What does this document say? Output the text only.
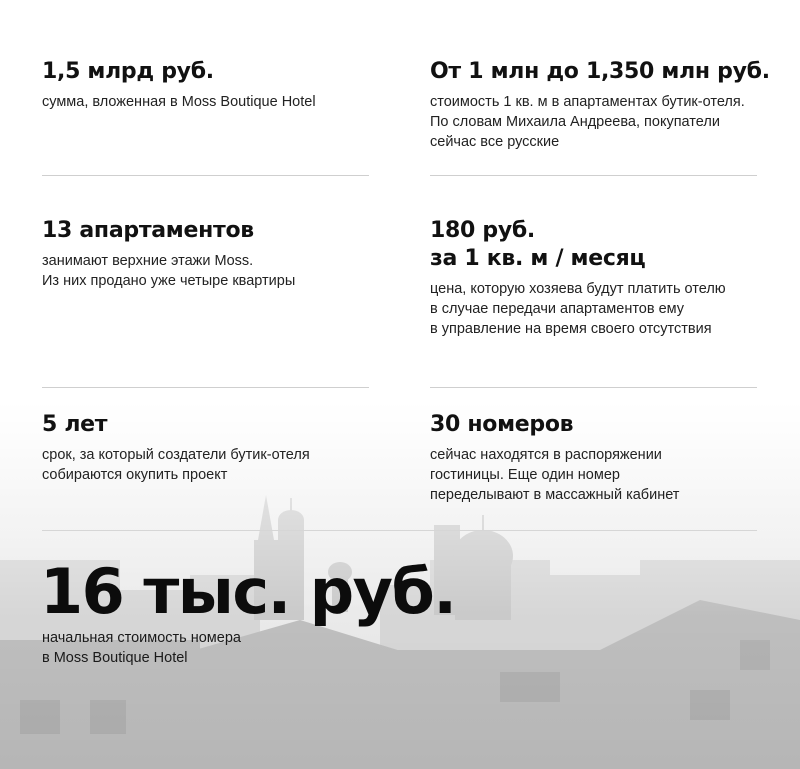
1,5 млрд руб.
сумма, вложенная в Moss Boutique Hotel
От 1 млн до 1,350 млн руб.
стоимость 1 кв. м в апартаментах бутик-отеля.
По словам Михаила Андреева, покупатели
сейчас все русские
13 апартаментов
занимают верхние этажи Moss.
Из них продано уже четыре квартиры
180 руб.
за 1 кв. м / месяц
цена, которую хозяева будут платить отелю
в случае передачи апартаментов ему
в управление на время своего отсутствия
5 лет
срок, за который создатели бутик-отеля
собираются окупить проект
30 номеров
сейчас находятся в распоряжении
гостиницы. Еще один номер
переделывают в массажный кабинет
16 тыс. руб.
начальная стоимость номера
в Moss Boutique Hotel
